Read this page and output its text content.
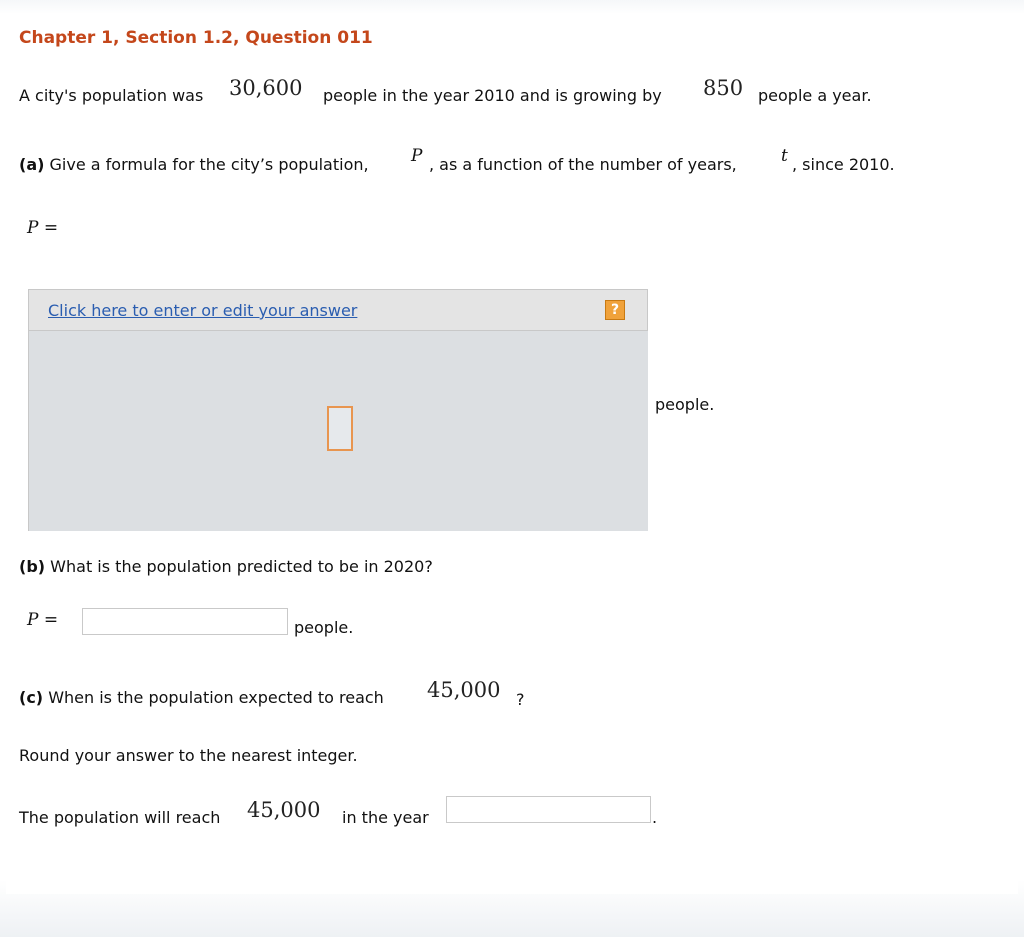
Chapter 1, Section 1.2, Question 011
A city's population was 30,600 people in the year 2010 and is growing by 850 people a year.
(a) Give a formula for the city’s population, P , as a function of the number of years,	t , since 2010.
P =
Click here to enter or edit your answer	?
people.
(b) What is the population predicted to be in 2020?
P =	people.
(c) When is the population expected to reach 45,000 ?
Round your answer to the nearest integer.
The population will reach 45,000 in the year	.
